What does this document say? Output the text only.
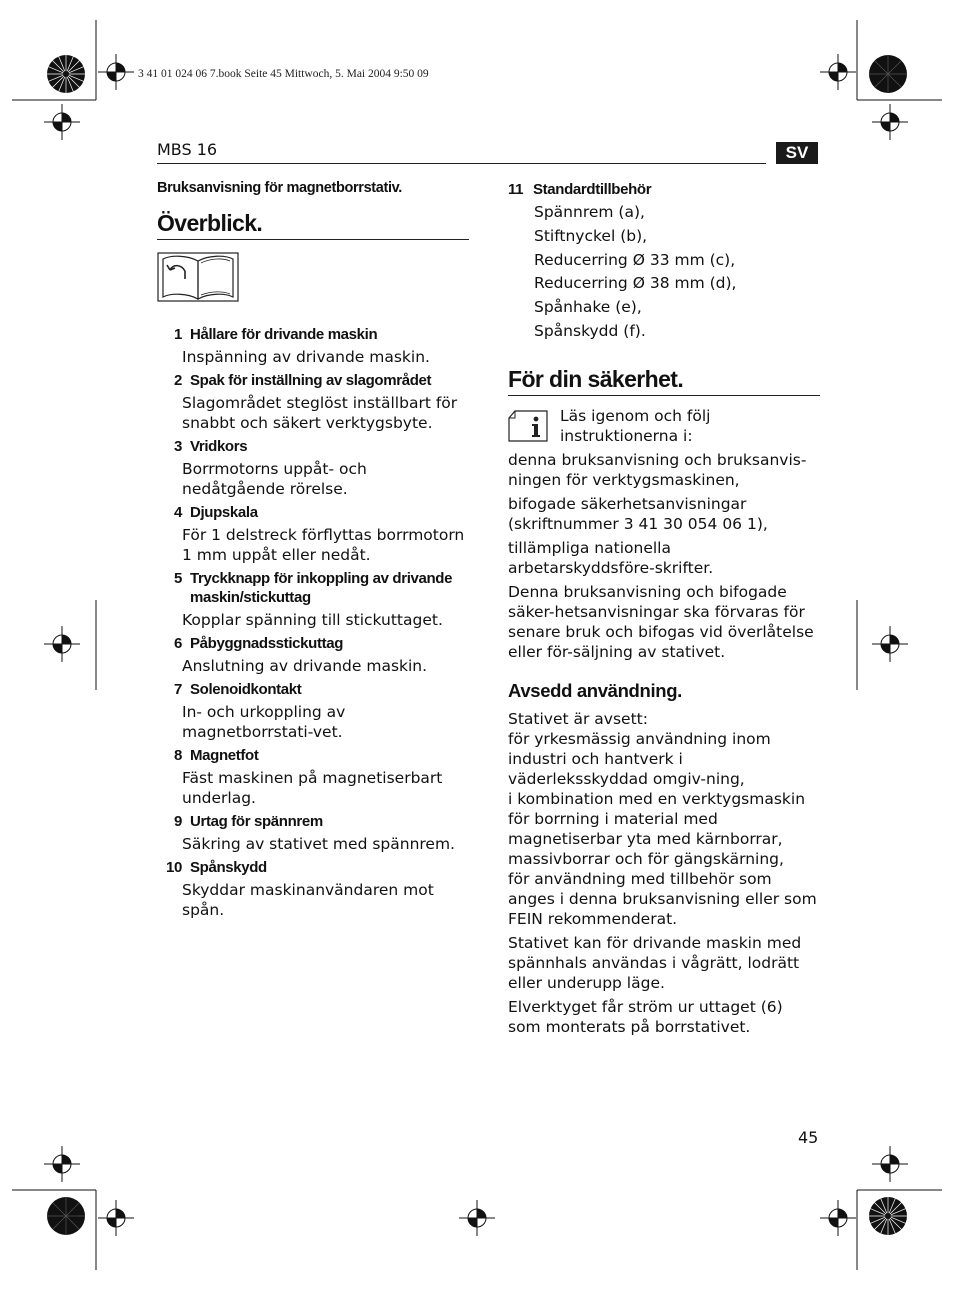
3 41 01 024 06 7.book Seite 45 Mittwoch, 5. Mai 2004 9:50 09
MBS 16	SV
Bruksanvisning för magnetborrstativ.
Överblick.
1 Hållare för drivande maskin
Inspänning av drivande maskin.
2 Spak för inställning av slagområdet
Slagområdet steglöst inställbart för snabbt och säkert verktygsbyte.
3 Vridkors
Borrmotorns uppåt- och nedåtgående rörelse.
4 Djupskala
För 1 delstreck förflyttas borrmotorn 1 mm uppåt eller nedåt.
5 Tryckknapp för inkoppling av drivande maskin/stickuttag
Kopplar spänning till stickuttaget.
6 Påbyggnadsstickuttag
Anslutning av drivande maskin.
7 Solenoidkontakt
In- och urkoppling av magnetborrstati-vet.
8 Magnetfot
Fäst maskinen på magnetiserbart underlag.
9 Urtag för spännrem
Säkring av stativet med spännrem.
10 Spånskydd
Skyddar maskinanvändaren mot spån.
11 Standardtillbehör
Spännrem (a),
Stiftnyckel (b),
Reducerring Ø 33 mm (c),
Reducerring Ø 38 mm (d),
Spånhake (e),
Spånskydd (f).
För din säkerhet.
Läs igenom och följ instruktionerna i:

denna bruksanvisning och bruksanvis-ningen för verktygsmaskinen,

bifogade säkerhetsanvisningar (skriftnummer 3 41 30 054 06 1),

tillämpliga nationella arbetarskyddsföre-skrifter.

Denna bruksanvisning och bifogade säker-hetsanvisningar ska förvaras för senare bruk och bifogas vid överlåtelse eller för-säljning av stativet.

Avsedd användning.

Stativet är avsett:

för yrkesmässig användning inom industri och hantverk i väderleksskyddad omgiv-ning,

i kombination med en verktygsmaskin för borrning i material med magnetiserbar yta med kärnborrar, massivborrar och för gängskärning,

för användning med tillbehör som anges i denna bruksanvisning eller som FEIN rekommenderat.

Stativet kan för drivande maskin med spännhals användas i vågrätt, lodrätt eller underupp läge.

Elverktyget får ström ur uttaget (6) som monterats på borrstativet.

45
